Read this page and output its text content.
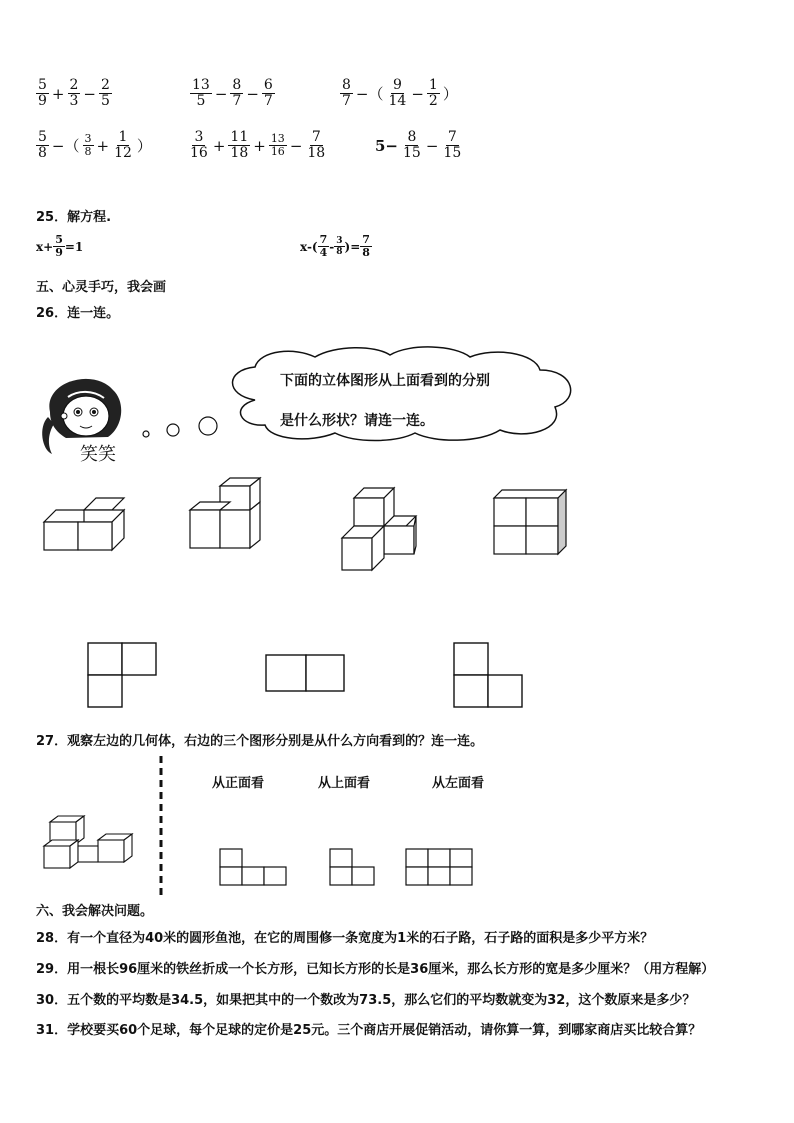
$\frac{5}{9} + \frac{2}{3} - \frac{2}{5}$	$\frac{13}{5} - \frac{8}{7} - \frac{6}{7}$	$\frac{8}{7}$ −（ $\frac{9}{14} - \frac{1}{2}$ ）
$\frac{5}{8}$ −（ $\frac{3}{8} + \frac{1}{12}$ ）	$\frac{3}{16} + \frac{11}{18} + \frac{13}{16} - \frac{7}{18}$	$5- \frac{8}{15} - \frac{7}{15}$
25．解方程.
$x+ \frac{5}{9} =1$	$x-( \frac{7}{4} - \frac{3}{8}$ )= $\frac{7}{8}$
五、心灵手巧，我会画
26．连一连。
下面的立体图形从上面看到的分别
是什么形状？请连一连。
笑笑
27．观察左边的几何体，右边的三个图形分别是从什么方向看到的？连一连。
从正面看	从上面看	从左面看
六、我会解决问题。
28．有一个直径为40米的圆形鱼池，在它的周围修一条宽度为1米的石子路，石子路的面积是多少平方米？
29．用一根长96厘米的铁丝折成一个长方形，已知长方形的长是36厘米，那么长方形的宽是多少厘米？（用方程解）
30．五个数的平均数是34.5，如果把其中的一个数改为73.5，那么它们的平均数就变为32，这个数原来是多少？
31．学校要买60个足球，每个足球的定价是25元。三个商店开展促销活动，请你算一算，到哪家商店买比较合算？
